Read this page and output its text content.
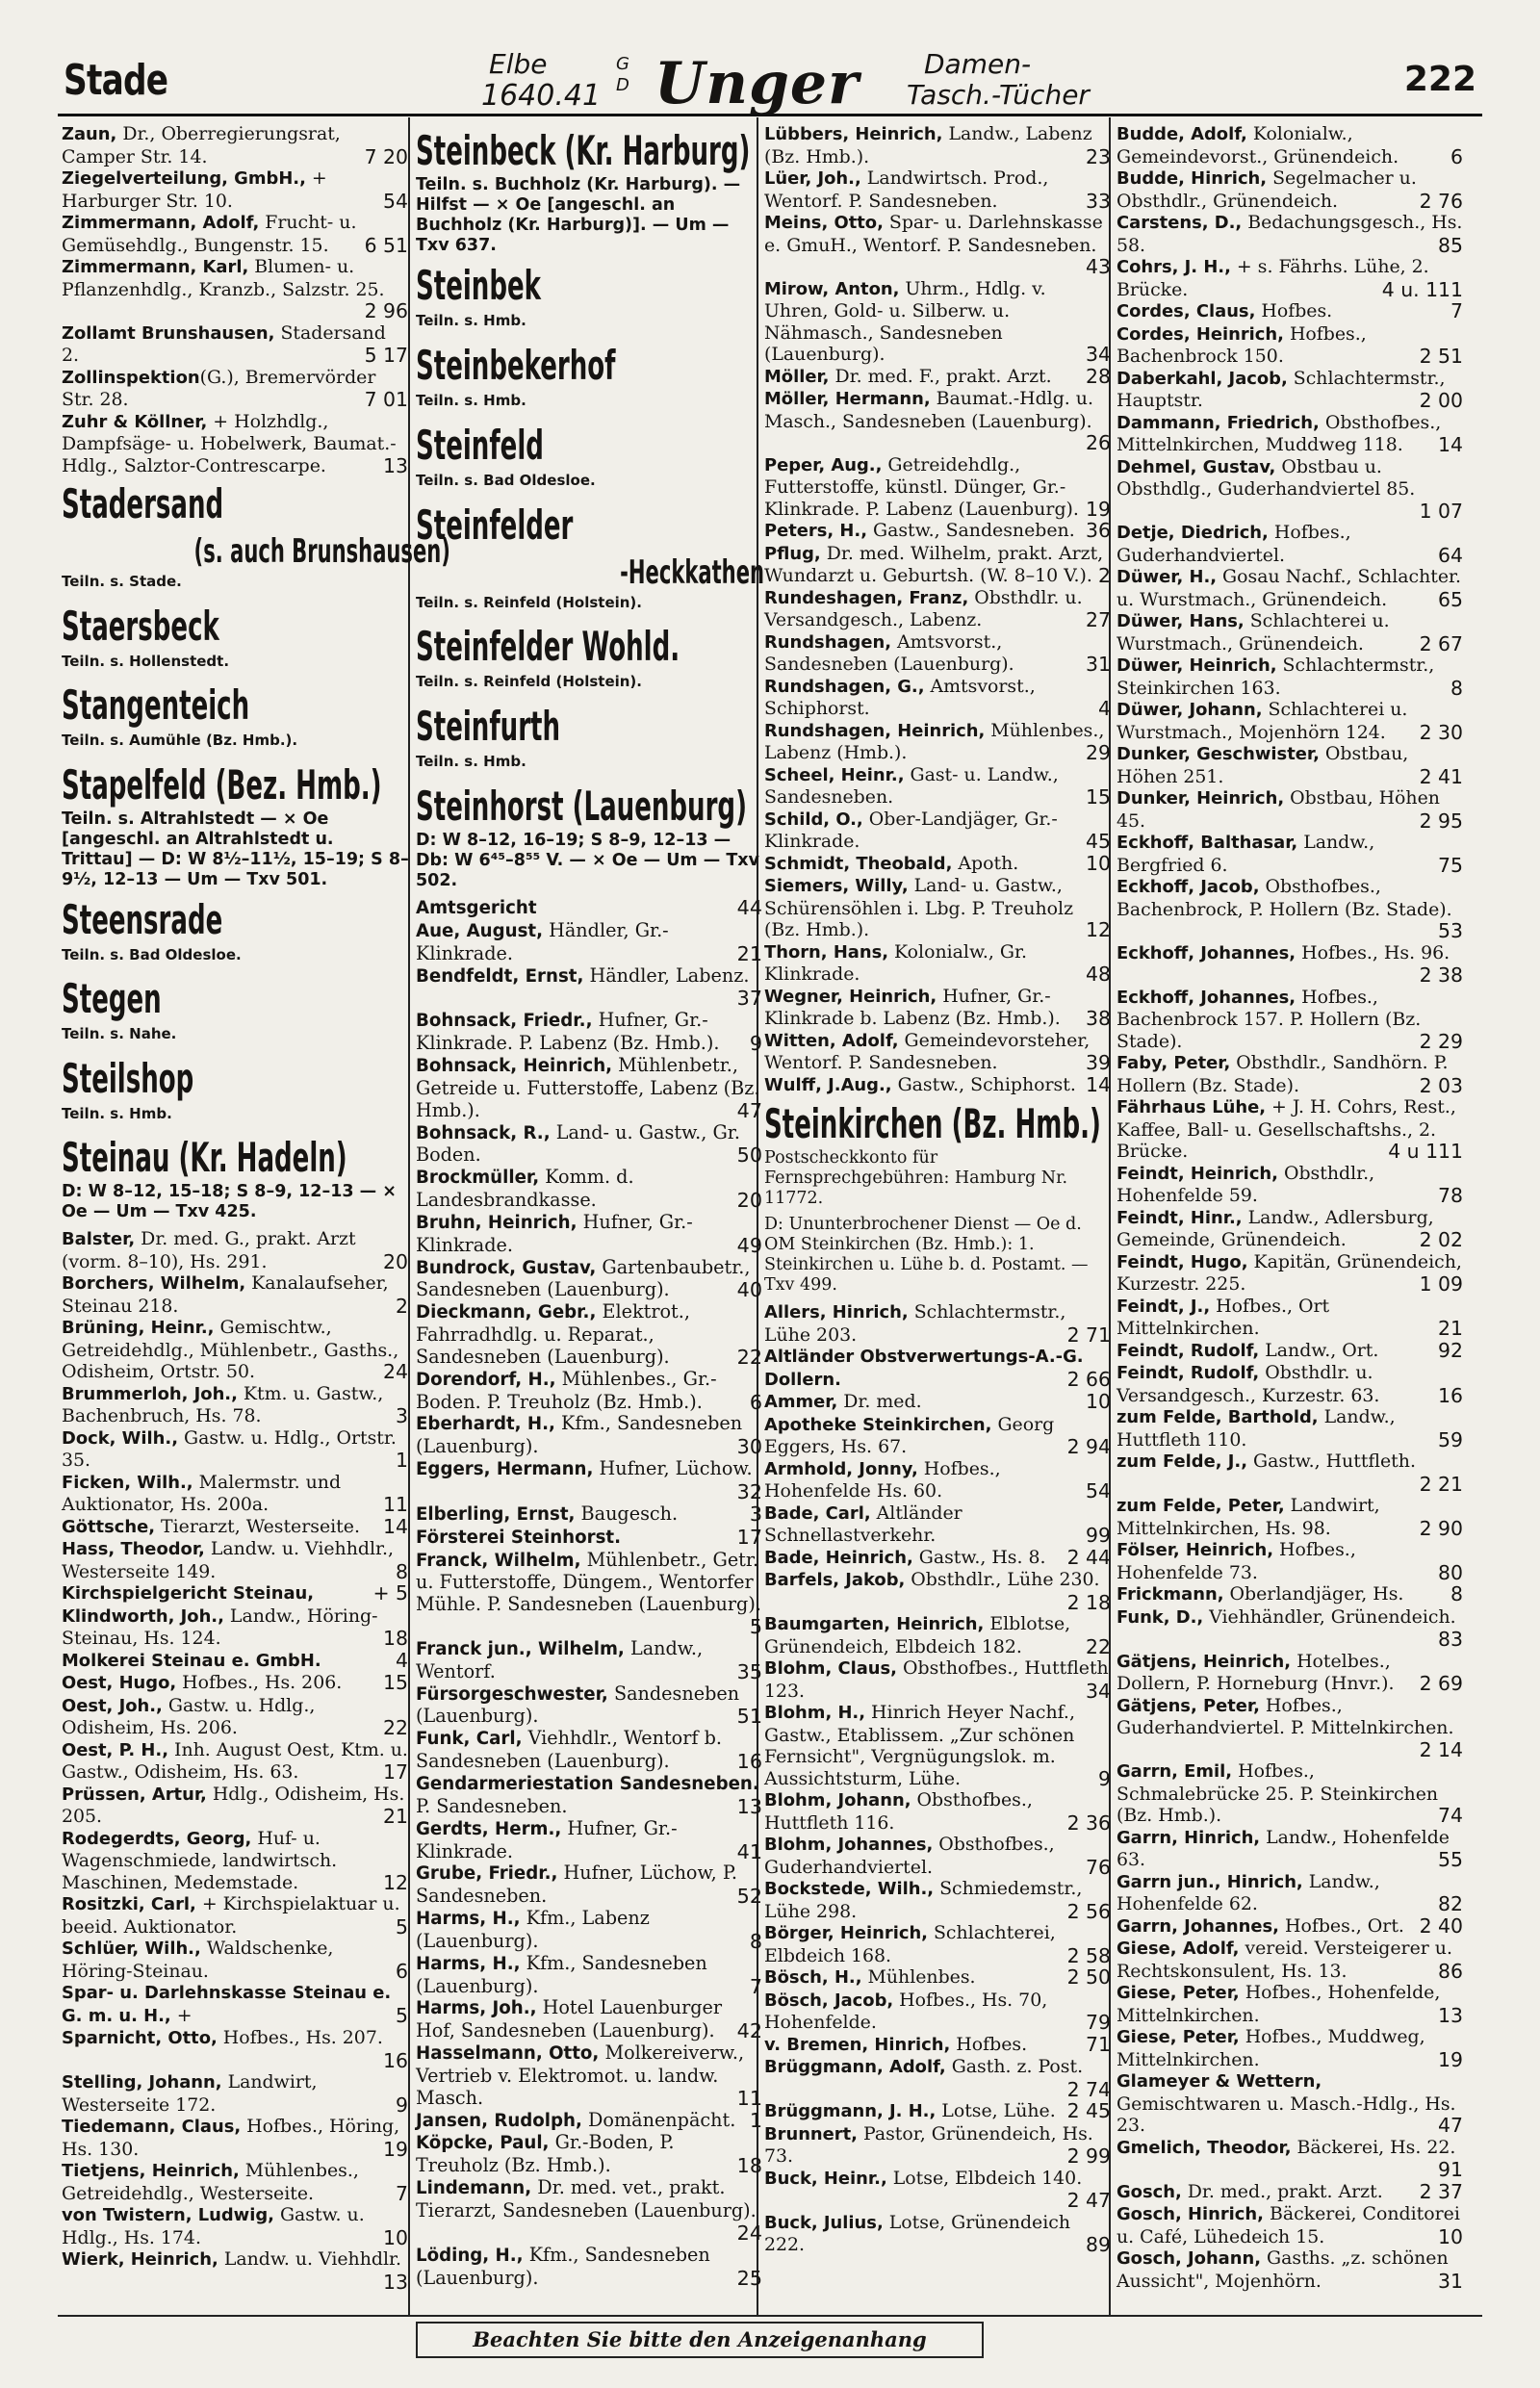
Stade	Elbe
1640.41
G
D Unger Damen-
Tasch.-Tücher	222
Zaun, Dr., Oberregierungsrat, Camper Str. 14.	7 20
Ziegelverteilung, GmbH., + Harburger Str. 10.	54
Zimmermann, Adolf, Frucht- u. Gemüsehdlg., Bungenstr. 15. 6 51
Zimmermann, Karl, Blumen- u. Pflanzenhdlg., Kranzb., Salzstr. 25.
2 96
Zollamt Brunshausen, Stadersand 2.	5 17
Zollinspektion(G.), Bremervörder Str. 28.	7 01
Zuhr & Köllner, + Holzhdlg., Dampfsäge- u. Hobelwerk, Baumat.-Hdlg., Salztor-Contrescarpe.	13
Stadersand
(s. auch Brunshausen)
Teiln. s. Stade.
Staersbeck
Teiln. s. Hollenstedt.
Stangenteich
Teiln. s. Aumühle (Bz. Hmb.).
Stapelfeld (Bez. Hmb.)
Teiln. s. Altrahlstedt — × Oe [angeschl. an Altrahlstedt u. Trittau] — D: W 8½–11½, 15–19; S 8–9½, 12–13 — Um — Txv 501.
Steensrade
Teiln. s. Bad Oldesloe.
Stegen
Teiln. s. Nahe.
Steilshop
Teiln. s. Hmb.
Steinau (Kr. Hadeln)
D: W 8–12, 15–18; S 8–9, 12–13 — × Oe — Um — Txv 425.
Balster, Dr. med. G., prakt. Arzt (vorm. 8–10), Hs. 291.	20
Borchers, Wilhelm, Kanalaufseher, Steinau 218.	2
Brüning, Heinr., Gemischtw., Getreidehdlg., Mühlenbetr., Gasths., Odisheim, Ortstr. 50.	24
Brummerloh, Joh., Ktm. u. Gastw., Bachenbruch, Hs. 78.	3
Dock, Wilh., Gastw. u. Hdlg., Ortstr. 35.	1
Ficken, Wilh., Malermstr. und Auktionator, Hs. 200a.	11
Göttsche, Tierarzt, Westerseite. 14
Hass, Theodor, Landw. u. Viehhdlr., Westerseite 149.	8
Kirchspielgericht Steinau,	+ 5
Klindworth, Joh., Landw., Höring-Steinau, Hs. 124.	18
Molkerei Steinau e. GmbH.	4
Oest, Hugo, Hofbes., Hs. 206. 15
Oest, Joh., Gastw. u. Hdlg., Odisheim, Hs. 206.	22
Oest, P. H., Inh. August Oest, Ktm. u. Gastw., Odisheim, Hs. 63.	17
Prüssen, Artur, Hdlg., Odisheim, Hs. 205.	21
Rodegerdts, Georg, Huf- u. Wagenschmiede, landwirtsch. Maschinen, Medemstade.	12
Rositzki, Carl, + Kirchspielaktuar u. beeid. Auktionator.	5
Schlüer, Wilh., Waldschenke, Höring-Steinau.	6
Spar- u. Darlehnskasse Steinau e. G. m. u. H., +	5
Sparnicht, Otto, Hofbes., Hs. 207.
16
Stelling, Johann, Landwirt, Westerseite 172.	9
Tiedemann, Claus, Hofbes., Höring, Hs. 130.	19
Tietjens, Heinrich, Mühlenbes., Getreidehdlg., Westerseite.	7
von Twistern, Ludwig, Gastw. u. Hdlg., Hs. 174.	10
Wierk, Heinrich, Landw. u. Viehhdlr.
13
Steinbeck (Kr. Harburg)
Teiln. s. Buchholz (Kr. Harburg). — Hilfst — × Oe [angeschl. an Buchholz (Kr. Harburg)]. — Um — Txv 637.
Steinbek
Teiln. s. Hmb.
Steinbekerhof
Teiln. s. Hmb.
Steinfeld
Teiln. s. Bad Oldesloe.
Steinfelder
-Heckkathen
Teiln. s. Reinfeld (Holstein).
Steinfelder Wohld.
Teiln. s. Reinfeld (Holstein).
Steinfurth
Teiln. s. Hmb.
Steinhorst (Lauenburg)
D: W 8–12, 16–19; S 8–9, 12–13 — Db: W 6⁴⁵–8⁵⁵ V. — × Oe — Um — Txv 502.
Amtsgericht	44
Aue, August, Händler, Gr.-Klinkrade.	21
Bendfeldt, Ernst, Händler, Labenz.
37
Bohnsack, Friedr., Hufner, Gr.-Klinkrade. P. Labenz (Bz. Hmb.). 9
Bohnsack, Heinrich, Mühlenbetr., Getreide u. Futterstoffe, Labenz (Bz. Hmb.).	47
Bohnsack, R., Land- u. Gastw., Gr. Boden.	50
Brockmüller, Komm. d. Landesbrandkasse.	20
Bruhn, Heinrich, Hufner, Gr.-Klinkrade.	49
Bundrock, Gustav, Gartenbaubetr., Sandesneben (Lauenburg).	40
Dieckmann, Gebr., Elektrot., Fahrradhdlg. u. Reparat., Sandesneben (Lauenburg).	22
Dorendorf, H., Mühlenbes., Gr.-Boden. P. Treuholz (Bz. Hmb.). 6
Eberhardt, H., Kfm., Sandesneben (Lauenburg).	30
Eggers, Hermann, Hufner, Lüchow.
32
Elberling, Ernst, Baugesch.	3
Försterei Steinhorst.	17
Franck, Wilhelm, Mühlenbetr., Getr. u. Futterstoffe, Düngem., Wentorfer Mühle. P. Sandesneben (Lauenburg).
5
Franck jun., Wilhelm, Landw., Wentorf.	35
Fürsorgeschwester, Sandesneben (Lauenburg).	51
Funk, Carl, Viehhdlr., Wentorf b. Sandesneben (Lauenburg).	16
Gendarmeriestation Sandesneben. P. Sandesneben.	13
Gerdts, Herm., Hufner, Gr.-Klinkrade.	41
Grube, Friedr., Hufner, Lüchow, P. Sandesneben.	52
Harms, H., Kfm., Labenz (Lauenburg).	8
Harms, H., Kfm., Sandesneben (Lauenburg).	7
Harms, Joh., Hotel Lauenburger Hof, Sandesneben (Lauenburg). 42
Hasselmann, Otto, Molkereiverw., Vertrieb v. Elektromot. u. landw. Masch.	11
Jansen, Rudolph, Domänenpächt. 1
Köpcke, Paul, Gr.-Boden, P. Treuholz (Bz. Hmb.).	18
Lindemann, Dr. med. vet., prakt. Tierarzt, Sandesneben (Lauenburg).
24
Löding, H., Kfm., Sandesneben (Lauenburg).	25
Lübbers, Heinrich, Landw., Labenz (Bz. Hmb.).	23
Lüer, Joh., Landwirtsch. Prod., Wentorf. P. Sandesneben.	33
Meins, Otto, Spar- u. Darlehnskasse e. GmuH., Wentorf. P. Sandesneben.
43
Mirow, Anton, Uhrm., Hdlg. v. Uhren, Gold- u. Silberw. u. Nähmasch., Sandesneben (Lauenburg).	34
Möller, Dr. med. F., prakt. Arzt. 28
Möller, Hermann, Baumat.-Hdlg. u. Masch., Sandesneben (Lauenburg).
26
Peper, Aug., Getreidehdlg., Futterstoffe, künstl. Dünger, Gr.-Klinkrade. P. Labenz (Lauenburg). 19
Peters, H., Gastw., Sandesneben. 36
Pflug, Dr. med. Wilhelm, prakt. Arzt, Wundarzt u. Geburtsh. (W. 8–10 V.). 2
Rundeshagen, Franz, Obsthdlr. u. Versandgesch., Labenz.	27
Rundshagen, Amtsvorst., Sandesneben (Lauenburg).	31
Rundshagen, G., Amtsvorst., Schiphorst.	4
Rundshagen, Heinrich, Mühlenbes., Labenz (Hmb.).	29
Scheel, Heinr., Gast- u. Landw., Sandesneben.	15
Schild, O., Ober-Landjäger, Gr.-Klinkrade.	45
Schmidt, Theobald, Apoth.	10
Siemers, Willy, Land- u. Gastw., Schürensöhlen i. Lbg. P. Treuholz (Bz. Hmb.).	12
Thorn, Hans, Kolonialw., Gr. Klinkrade.	48
Wegner, Heinrich, Hufner, Gr.-Klinkrade b. Labenz (Bz. Hmb.). 38
Witten, Adolf, Gemeindevorsteher, Wentorf. P. Sandesneben.	39
Wulff, J.Aug., Gastw., Schiphorst. 14
Steinkirchen (Bz. Hmb.)
Postscheckkonto für Fernsprechgebühren: Hamburg Nr. 11772.
D: Ununterbrochener Dienst — Oe d. OM Steinkirchen (Bz. Hmb.): 1. Steinkirchen u. Lühe b. d. Postamt. — Txv 499.
Allers, Hinrich, Schlachtermstr., Lühe 203.	2 71
Altländer Obstverwertungs-A.-G. Dollern.	2 66
Ammer, Dr. med.	10
Apotheke Steinkirchen, Georg Eggers, Hs. 67.	2 94
Armhold, Jonny, Hofbes., Hohenfelde Hs. 60.	54
Bade, Carl, Altländer Schnellastverkehr.	99
Bade, Heinrich, Gastw., Hs. 8. 2 44
Barfels, Jakob, Obsthdlr., Lühe 230.
2 18
Baumgarten, Heinrich, Elblotse, Grünendeich, Elbdeich 182.	22
Blohm, Claus, Obsthofbes., Huttfleth 123.	34
Blohm, H., Hinrich Heyer Nachf., Gastw., Etablissem. „Zur schönen Fernsicht", Vergnügungslok. m. Aussichtsturm, Lühe.	9
Blohm, Johann, Obsthofbes., Huttfleth 116.	2 36
Blohm, Johannes, Obsthofbes., Guderhandviertel.	76
Bockstede, Wilh., Schmiedemstr., Lühe 298.	2 56
Börger, Heinrich, Schlachterei, Elbdeich 168.	2 58
Bösch, H., Mühlenbes.	2 50
Bösch, Jacob, Hofbes., Hs. 70, Hohenfelde.	79
v. Bremen, Hinrich, Hofbes.	71
Brüggmann, Adolf, Gasth. z. Post.
2 74
Brüggmann, J. H., Lotse, Lühe. 2 45
Brunnert, Pastor, Grünendeich, Hs. 73.	2 99
Buck, Heinr., Lotse, Elbdeich 140.
2 47
Buck, Julius, Lotse, Grünendeich 222.	89
Budde, Adolf, Kolonialw., Gemeindevorst., Grünendeich.	6
Budde, Hinrich, Segelmacher u. Obsthdlr., Grünendeich.	2 76
Carstens, D., Bedachungsgesch., Hs. 58.	85
Cohrs, J. H., + s. Fährhs. Lühe, 2. Brücke.	4 u. 111
Cordes, Claus, Hofbes.	7
Cordes, Heinrich, Hofbes., Bachenbrock 150.	2 51
Daberkahl, Jacob, Schlachtermstr., Hauptstr.	2 00
Dammann, Friedrich, Obsthofbes., Mittelnkirchen, Muddweg 118. 14
Dehmel, Gustav, Obstbau u. Obsthdlg., Guderhandviertel 85.
1 07
Detje, Diedrich, Hofbes., Guderhandviertel.	64
Düwer, H., Gosau Nachf., Schlachter. u. Wurstmach., Grünendeich.	65
Düwer, Hans, Schlachterei u. Wurstmach., Grünendeich.	2 67
Düwer, Heinrich, Schlachtermstr., Steinkirchen 163.	8
Düwer, Johann, Schlachterei u. Wurstmach., Mojenhörn 124. 2 30
Dunker, Geschwister, Obstbau, Höhen 251.	2 41
Dunker, Heinrich, Obstbau, Höhen 45.	2 95
Eckhoff, Balthasar, Landw., Bergfried 6.	75
Eckhoff, Jacob, Obsthofbes., Bachenbrock, P. Hollern (Bz. Stade).
53
Eckhoff, Johannes, Hofbes., Hs. 96.
2 38
Eckhoff, Johannes, Hofbes., Bachenbrock 157. P. Hollern (Bz. Stade).	2 29
Faby, Peter, Obsthdlr., Sandhörn. P. Hollern (Bz. Stade).	2 03
Fährhaus Lühe, + J. H. Cohrs, Rest., Kaffee, Ball- u. Gesellschaftshs., 2. Brücke.	4 u 111
Feindt, Heinrich, Obsthdlr., Hohenfelde 59.	78
Feindt, Hinr., Landw., Adlersburg, Gemeinde, Grünendeich.	2 02
Feindt, Hugo, Kapitän, Grünendeich, Kurzestr. 225.	1 09
Feindt, J., Hofbes., Ort Mittelnkirchen.	21
Feindt, Rudolf, Landw., Ort.	92
Feindt, Rudolf, Obsthdlr. u. Versandgesch., Kurzestr. 63.	16
zum Felde, Barthold, Landw., Huttfleth 110.	59
zum Felde, J., Gastw., Huttfleth.
2 21
zum Felde, Peter, Landwirt, Mittelnkirchen, Hs. 98.	2 90
Fölser, Heinrich, Hofbes., Hohenfelde 73.	80
Frickmann, Oberlandjäger, Hs. 8
Funk, D., Viehhändler, Grünendeich.
83
Gätjens, Heinrich, Hotelbes., Dollern, P. Horneburg (Hnvr.). 2 69
Gätjens, Peter, Hofbes., Guderhandviertel. P. Mittelnkirchen.
2 14
Garrn, Emil, Hofbes., Schmalebrücke 25. P. Steinkirchen (Bz. Hmb.).	74
Garrn, Hinrich, Landw., Hohenfelde 63.	55
Garrn jun., Hinrich, Landw., Hohenfelde 62.	82
Garrn, Johannes, Hofbes., Ort. 2 40
Giese, Adolf, vereid. Versteigerer u. Rechtskonsulent, Hs. 13.	86
Giese, Peter, Hofbes., Hohenfelde, Mittelnkirchen.	13
Giese, Peter, Hofbes., Muddweg, Mittelnkirchen.	19
Glameyer & Wettern, Gemischtwaren u. Masch.-Hdlg., Hs. 23.	47
Gmelich, Theodor, Bäckerei, Hs. 22.
91
Gosch, Dr. med., prakt. Arzt. 2 37
Gosch, Hinrich, Bäckerei, Conditorei u. Café, Lühedeich 15.	10
Gosch, Johann, Gasths. „z. schönen Aussicht", Mojenhörn.	31
Beachten Sie bitte den Anzeigenanhang
